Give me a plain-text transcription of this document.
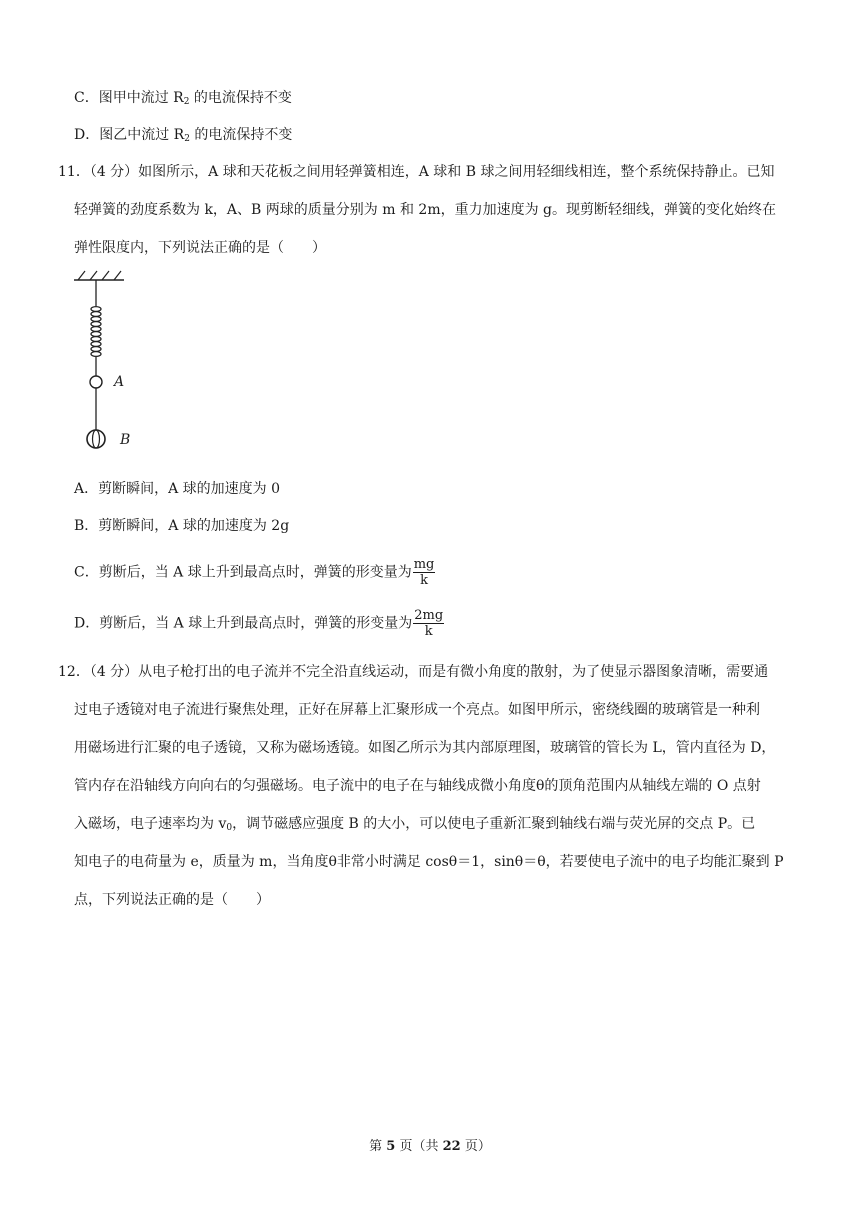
C．图甲中流过 $R_2$ 的电流保持不变
D．图乙中流过 $R_2$ 的电流保持不变
11．（4 分）如图所示，A 球和天花板之间用轻弹簧相连，A 球和 B 球之间用轻细线相连，整个系统保持静止。已知
轻弹簧的劲度系数为 k，A、B 两球的质量分别为 m 和 2m，重力加速度为 g。现剪断轻细线，弹簧的变化始终在
弹性限度内，下列说法正确的是（　　）
A
B
A．剪断瞬间，A 球的加速度为 0
B．剪断瞬间，A 球的加速度为 2g
C．剪断后，当 A 球上升到最高点时，弹簧的形变量为 $\frac{mg}{k}$
D．剪断后，当 A 球上升到最高点时，弹簧的形变量为 $\frac{2mg}{k}$
12．（4 分）从电子枪打出的电子流并不完全沿直线运动，而是有微小角度的散射，为了使显示器图象清晰，需要通
过电子透镜对电子流进行聚焦处理，正好在屏幕上汇聚形成一个亮点。如图甲所示，密绕线圈的玻璃管是一种利
用磁场进行汇聚的电子透镜，又称为磁场透镜。如图乙所示为其内部原理图，玻璃管的管长为 L，管内直径为 D，
管内存在沿轴线方向向右的匀强磁场。电子流中的电子在与轴线成微小角度θ的顶角范围内从轴线左端的 O 点射
入磁场，电子速率均为 $v_0$，调节磁感应强度 B 的大小，可以使电子重新汇聚到轴线右端与荧光屏的交点 P。已
知电子的电荷量为 e，质量为 m，当角度θ非常小时满足 cosθ＝1，sinθ＝θ，若要使电子流中的电子均能汇聚到 P
点，下列说法正确的是（　　）
第 5 页（共 22 页）
